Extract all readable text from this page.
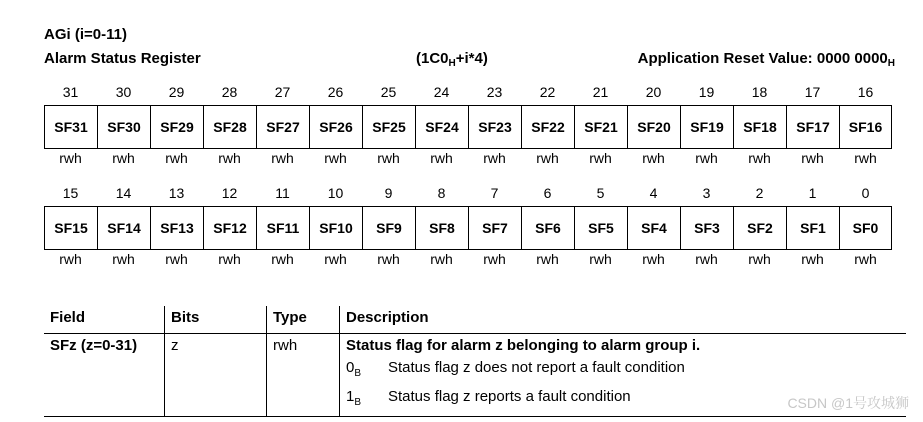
AGi (i=0-11)
Alarm Status Register	$(1C0_H+i*4)$	Application Reset Value: 0000 $0000_H$
31	30	29	28	27	26	25	24	23	22	21	20	19	18	17	16
SF31	SF30	SF29	SF28	SF27	SF26	SF25	SF24	SF23	SF22	SF21	SF20	SF19	SF18	SF17	SF16
rwh	rwh	rwh	rwh	rwh	rwh	rwh	rwh	rwh	rwh	rwh	rwh	rwh	rwh	rwh	rwh
15	14	13	12	11	10	9	8	7	6	5	4	3	2	1	0
SF15	SF14	SF13	SF12	SF11	SF10	SF9	SF8	SF7	SF6	SF5	SF4	SF3	SF2	SF1	SF0
rwh	rwh	rwh	rwh	rwh	rwh	rwh	rwh	rwh	rwh	rwh	rwh	rwh	rwh	rwh	rwh
Field	Bits	Type	Description
SFz (z=0-31)	z	rwh	Status flag for alarm z belonging to alarm group i.
$0_B$ Status flag z does not report a fault condition
$1_B$ Status flag z reports a fault condition	CSDN @1号攻城狮
